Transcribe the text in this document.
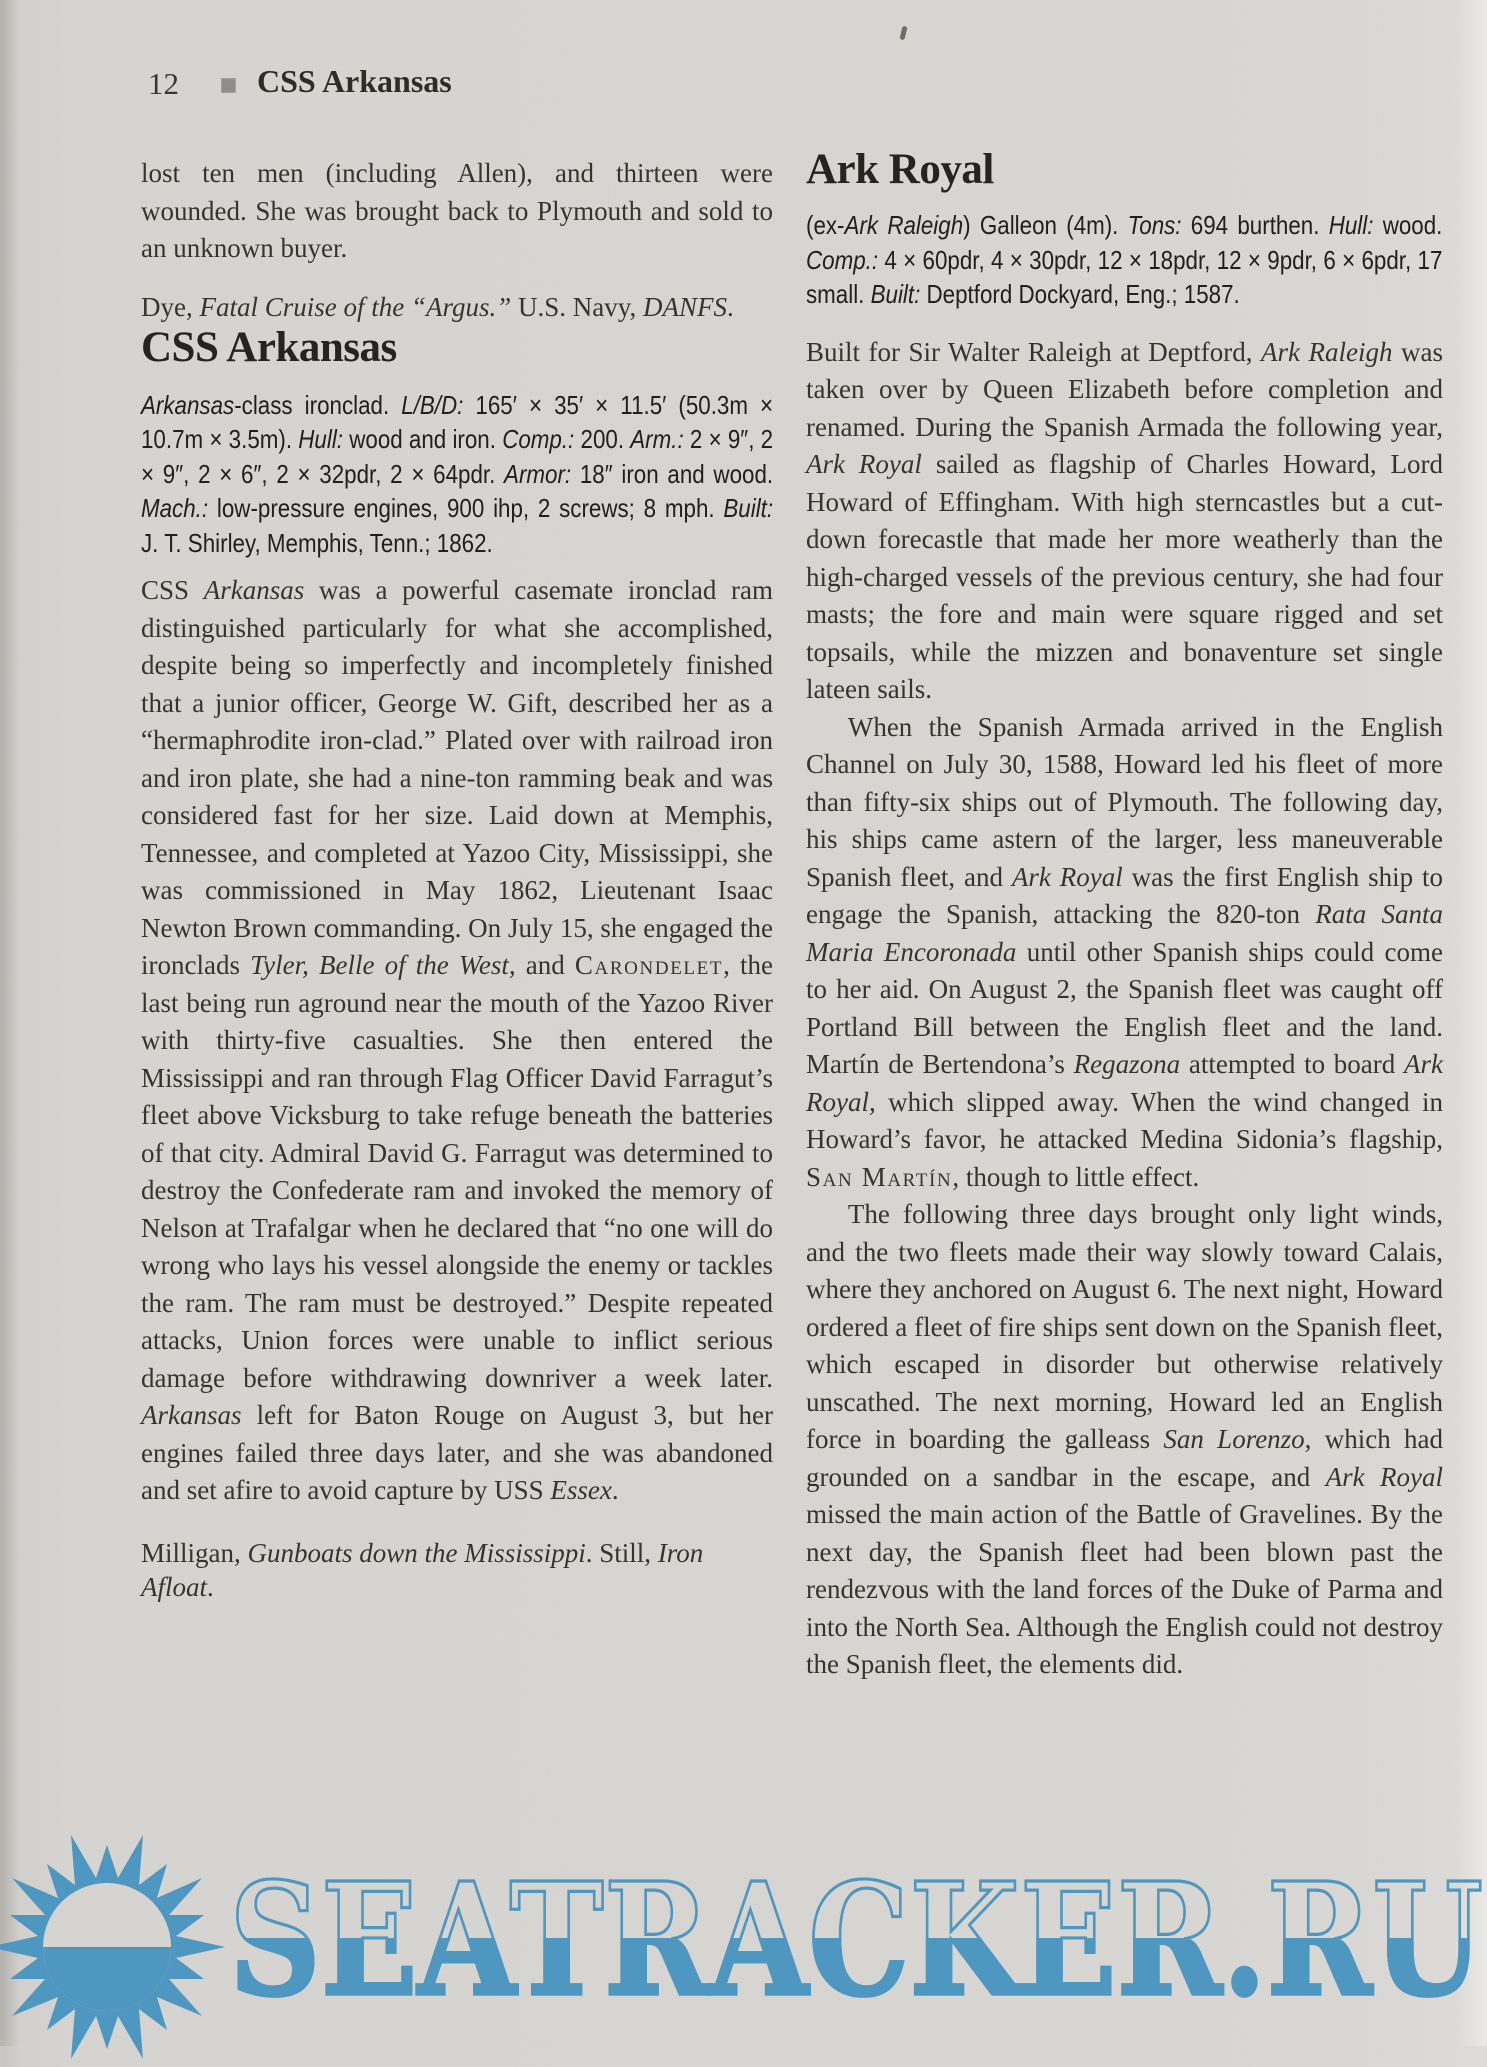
12 CSS Arkansas
lost ten men (including Allen), and thirteen were wounded. She was brought back to Plymouth and sold to an unknown buyer.
Dye, Fatal Cruise of the “Argus.” U.S. Navy, DANFS.
CSS Arkansas
Arkansas-class ironclad. L/B/D: 165′ × 35′ × 11.5′ (50.3m × 10.7m × 3.5m). Hull: wood and iron. Comp.: 200. Arm.: 2 × 9″, 2 × 9″, 2 × 6″, 2 × 32pdr, 2 × 64pdr. Armor: 18″ iron and wood. Mach.: low-pressure engines, 900 ihp, 2 screws; 8 mph. Built: J. T. Shirley, Memphis, Tenn.; 1862.

CSS Arkansas was a powerful casemate ironclad ram distinguished particularly for what she accomplished, despite being so imperfectly and incompletely finished that a junior officer, George W. Gift, described her as a “hermaphrodite iron-clad.” Plated over with railroad iron and iron plate, she had a nine-ton ramming beak and was considered fast for her size. Laid down at Memphis, Tennessee, and completed at Yazoo City, Mississippi, she was commissioned in May 1862, Lieutenant Isaac Newton Brown commanding. On July 15, she engaged the ironclads Tyler, Belle of the West, and Carondelet, the last being run aground near the mouth of the Yazoo River with thirty-five casualties. She then entered the Mississippi and ran through Flag Officer David Farragut’s fleet above Vicksburg to take refuge beneath the batteries of that city. Admiral David G. Farragut was determined to destroy the Confederate ram and invoked the memory of Nelson at Trafalgar when he declared that “no one will do wrong who lays his vessel alongside the enemy or tackles the ram. The ram must be destroyed.” Despite repeated attacks, Union forces were unable to inflict serious damage before withdrawing downriver a week later. Arkansas left for Baton Rouge on August 3, but her engines failed three days later, and she was abandoned and set afire to avoid capture by USS Essex.

Milligan, Gunboats down the Mississippi. Still, Iron Afloat.
Ark Royal
(ex-Ark Raleigh) Galleon (4m). Tons: 694 burthen. Hull: wood. Comp.: 4 × 60pdr, 4 × 30pdr, 12 × 18pdr, 12 × 9pdr, 6 × 6pdr, 17 small. Built: Deptford Dockyard, Eng.; 1587.

Built for Sir Walter Raleigh at Deptford, Ark Raleigh was taken over by Queen Elizabeth before completion and renamed. During the Spanish Armada the following year, Ark Royal sailed as flagship of Charles Howard, Lord Howard of Effingham. With high sterncastles but a cut-down forecastle that made her more weatherly than the high-charged vessels of the previous century, she had four masts; the fore and main were square rigged and set topsails, while the mizzen and bonaventure set single lateen sails.

When the Spanish Armada arrived in the English Channel on July 30, 1588, Howard led his fleet of more than fifty-six ships out of Plymouth. The following day, his ships came astern of the larger, less maneuverable Spanish fleet, and Ark Royal was the first English ship to engage the Spanish, attacking the 820-ton Rata Santa Maria Encoronada until other Spanish ships could come to her aid. On August 2, the Spanish fleet was caught off Portland Bill between the English fleet and the land. Martín de Bertendona’s Regazona attempted to board Ark Royal, which slipped away. When the wind changed in Howard’s favor, he attacked Medina Sidonia’s flagship, San Martín, though to little effect.

The following three days brought only light winds, and the two fleets made their way slowly toward Calais, where they anchored on August 6. The next night, Howard ordered a fleet of fire ships sent down on the Spanish fleet, which escaped in disorder but otherwise relatively unscathed. The next morning, Howard led an English force in boarding the galleass San Lorenzo, which had grounded on a sandbar in the escape, and Ark Royal missed the main action of the Battle of Gravelines. By the next day, the Spanish fleet had been blown past the rendezvous with the land forces of the Duke of Parma and into the North Sea. Although the English could not destroy the Spanish fleet, the elements did.

SEATRACKER.RU
